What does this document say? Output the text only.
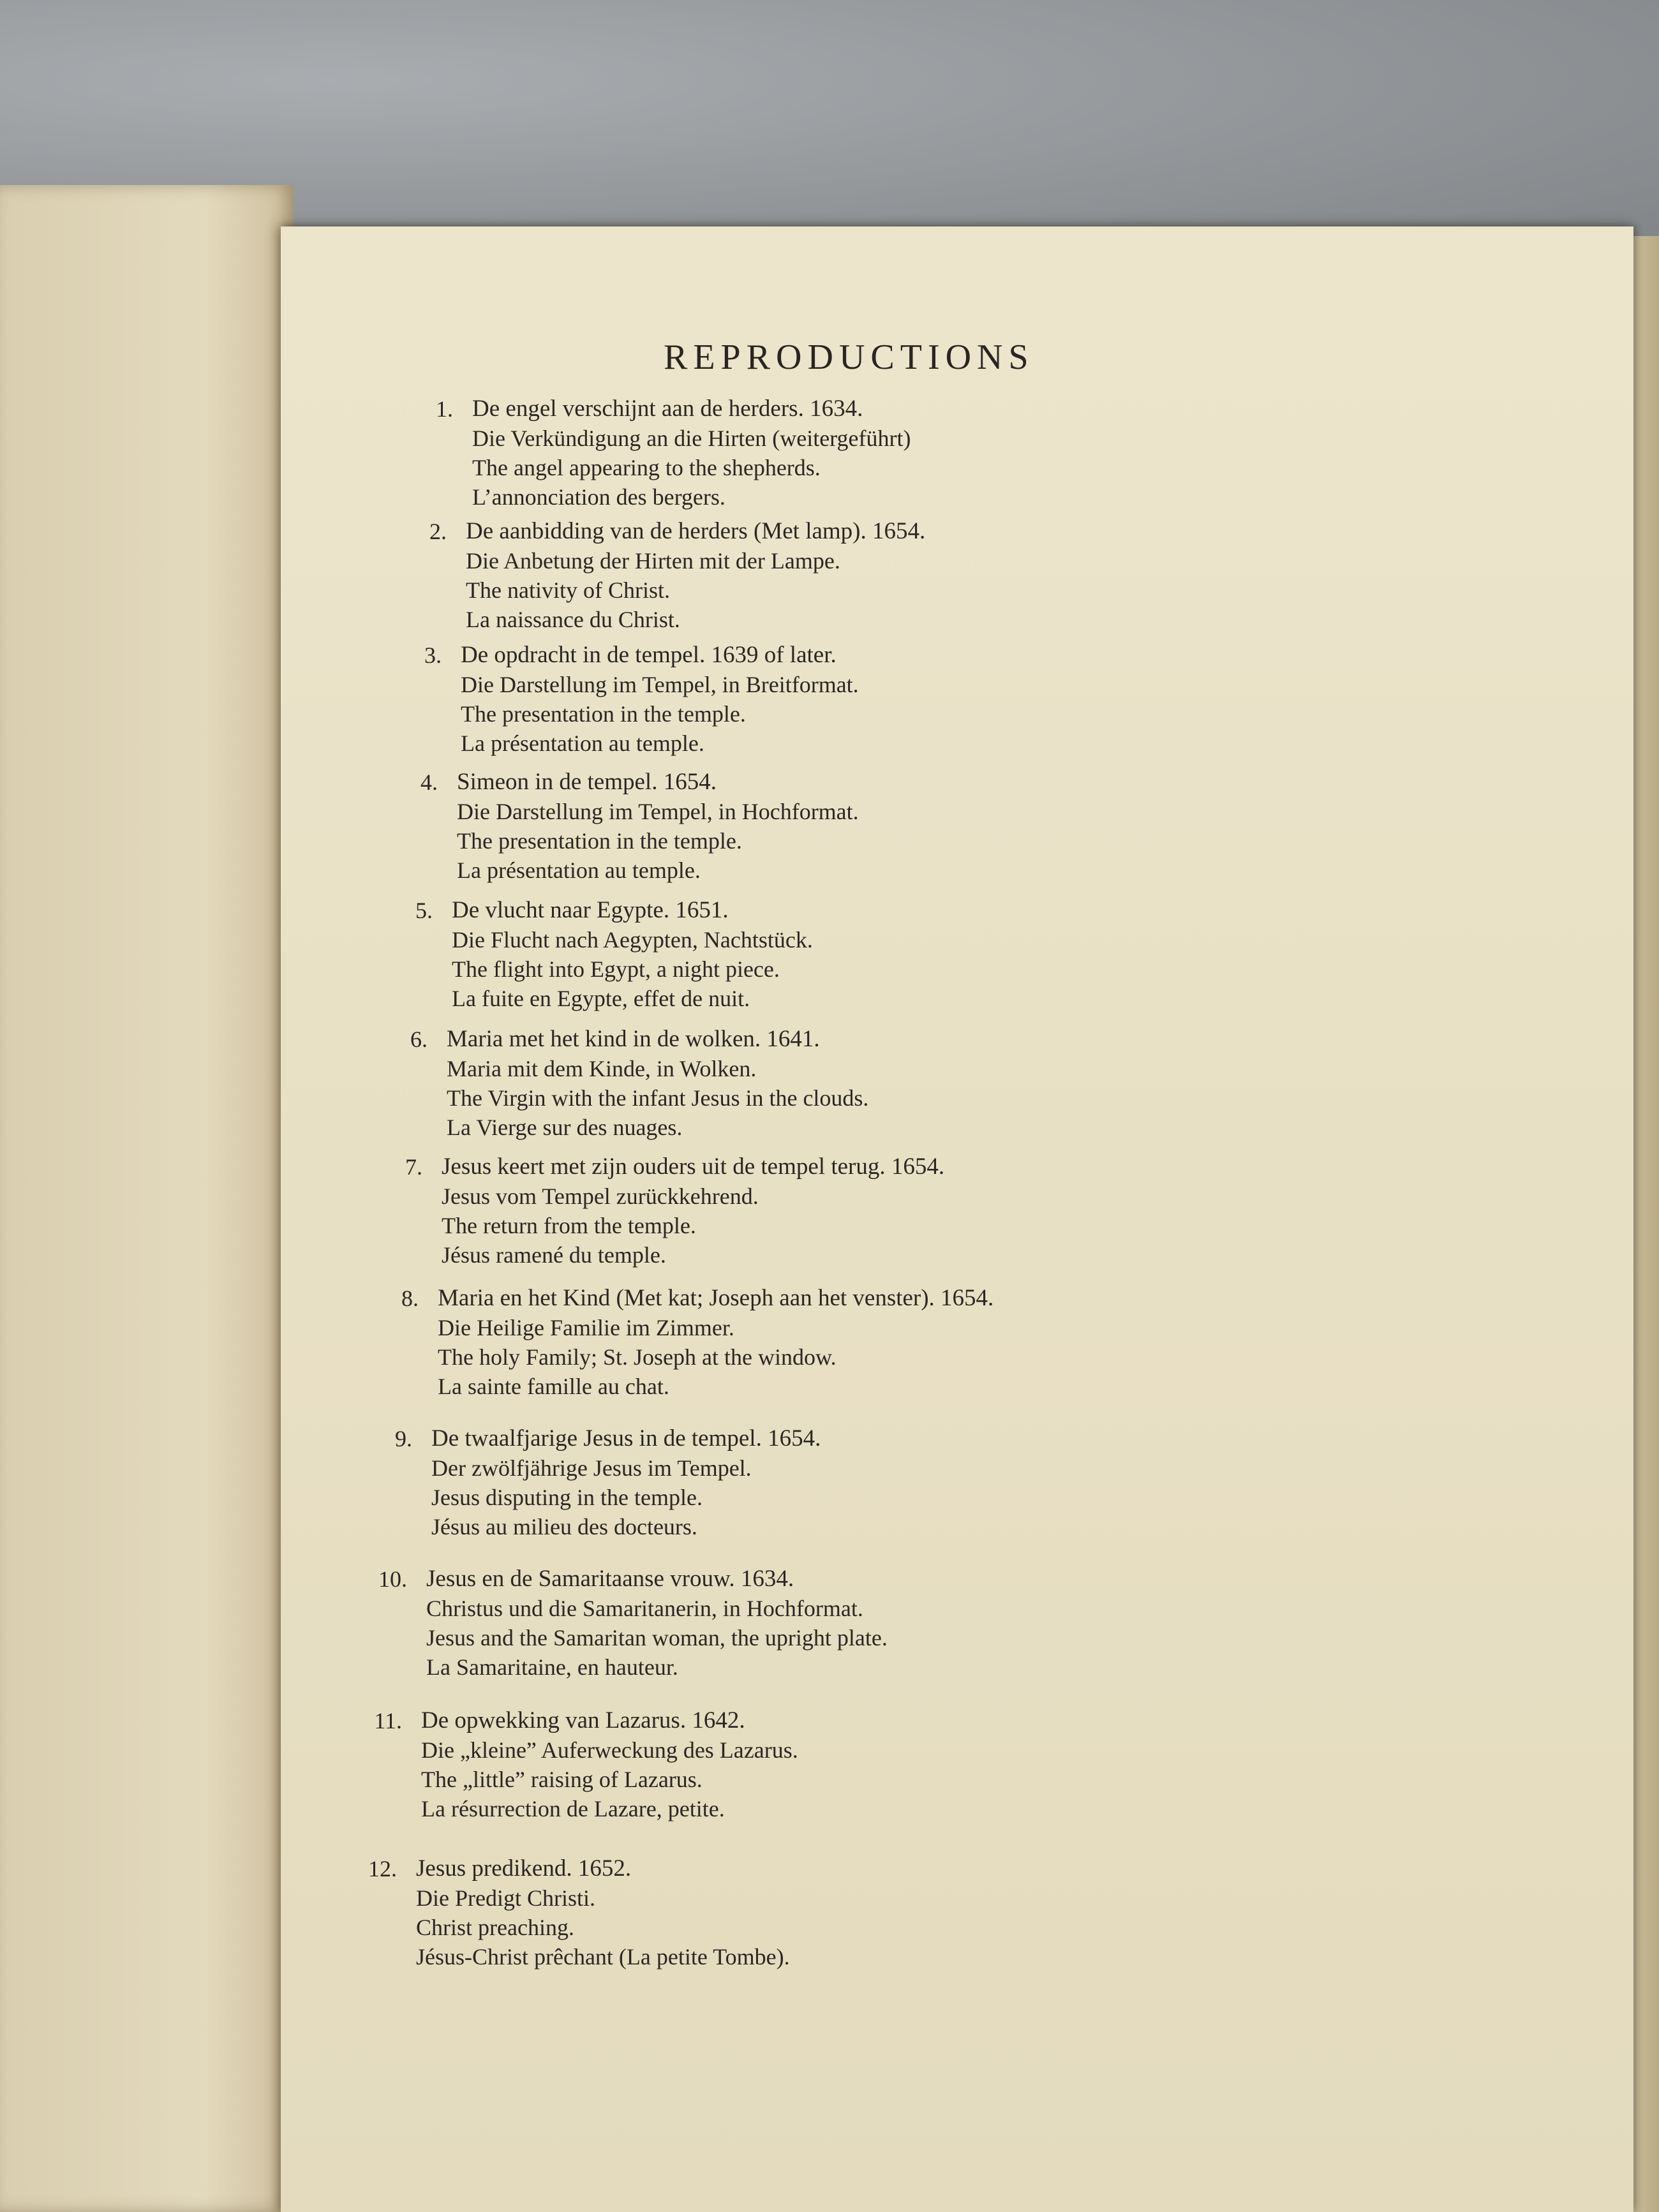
REPRODUCTIONS
1. De engel verschijnt aan de herders. 1634.
Die Verkündigung an die Hirten (weitergeführt)
The angel appearing to the shepherds.
L’annonciation des bergers.
2. De aanbidding van de herders (Met lamp). 1654.
Die Anbetung der Hirten mit der Lampe.
The nativity of Christ.
La naissance du Christ.
3. De opdracht in de tempel. 1639 of later.
Die Darstellung im Tempel, in Breitformat.
The presentation in the temple.
La présentation au temple.
4. Simeon in de tempel. 1654.
Die Darstellung im Tempel, in Hochformat.
The presentation in the temple.
La présentation au temple.
5. De vlucht naar Egypte. 1651.
Die Flucht nach Aegypten, Nachtstück.
The flight into Egypt, a night piece.
La fuite en Egypte, effet de nuit.
6. Maria met het kind in de wolken. 1641.
Maria mit dem Kinde, in Wolken.
The Virgin with the infant Jesus in the clouds.
La Vierge sur des nuages.
7. Jesus keert met zijn ouders uit de tempel terug. 1654.
Jesus vom Tempel zurückkehrend.
The return from the temple.
Jésus ramené du temple.
8. Maria en het Kind (Met kat; Joseph aan het venster). 1654.
Die Heilige Familie im Zimmer.
The holy Family; St. Joseph at the window.
La sainte famille au chat.
9. De twaalfjarige Jesus in de tempel. 1654.
Der zwölfjährige Jesus im Tempel.
Jesus disputing in the temple.
Jésus au milieu des docteurs.
10. Jesus en de Samaritaanse vrouw. 1634.
Christus und die Samaritanerin, in Hochformat.
Jesus and the Samaritan woman, the upright plate.
La Samaritaine, en hauteur.
11. De opwekking van Lazarus. 1642.
Die „kleine” Auferweckung des Lazarus.
The „little” raising of Lazarus.
La résurrection de Lazare, petite.
12. Jesus predikend. 1652.
Die Predigt Christi.
Christ preaching.
Jésus-Christ prêchant (La petite Tombe).
